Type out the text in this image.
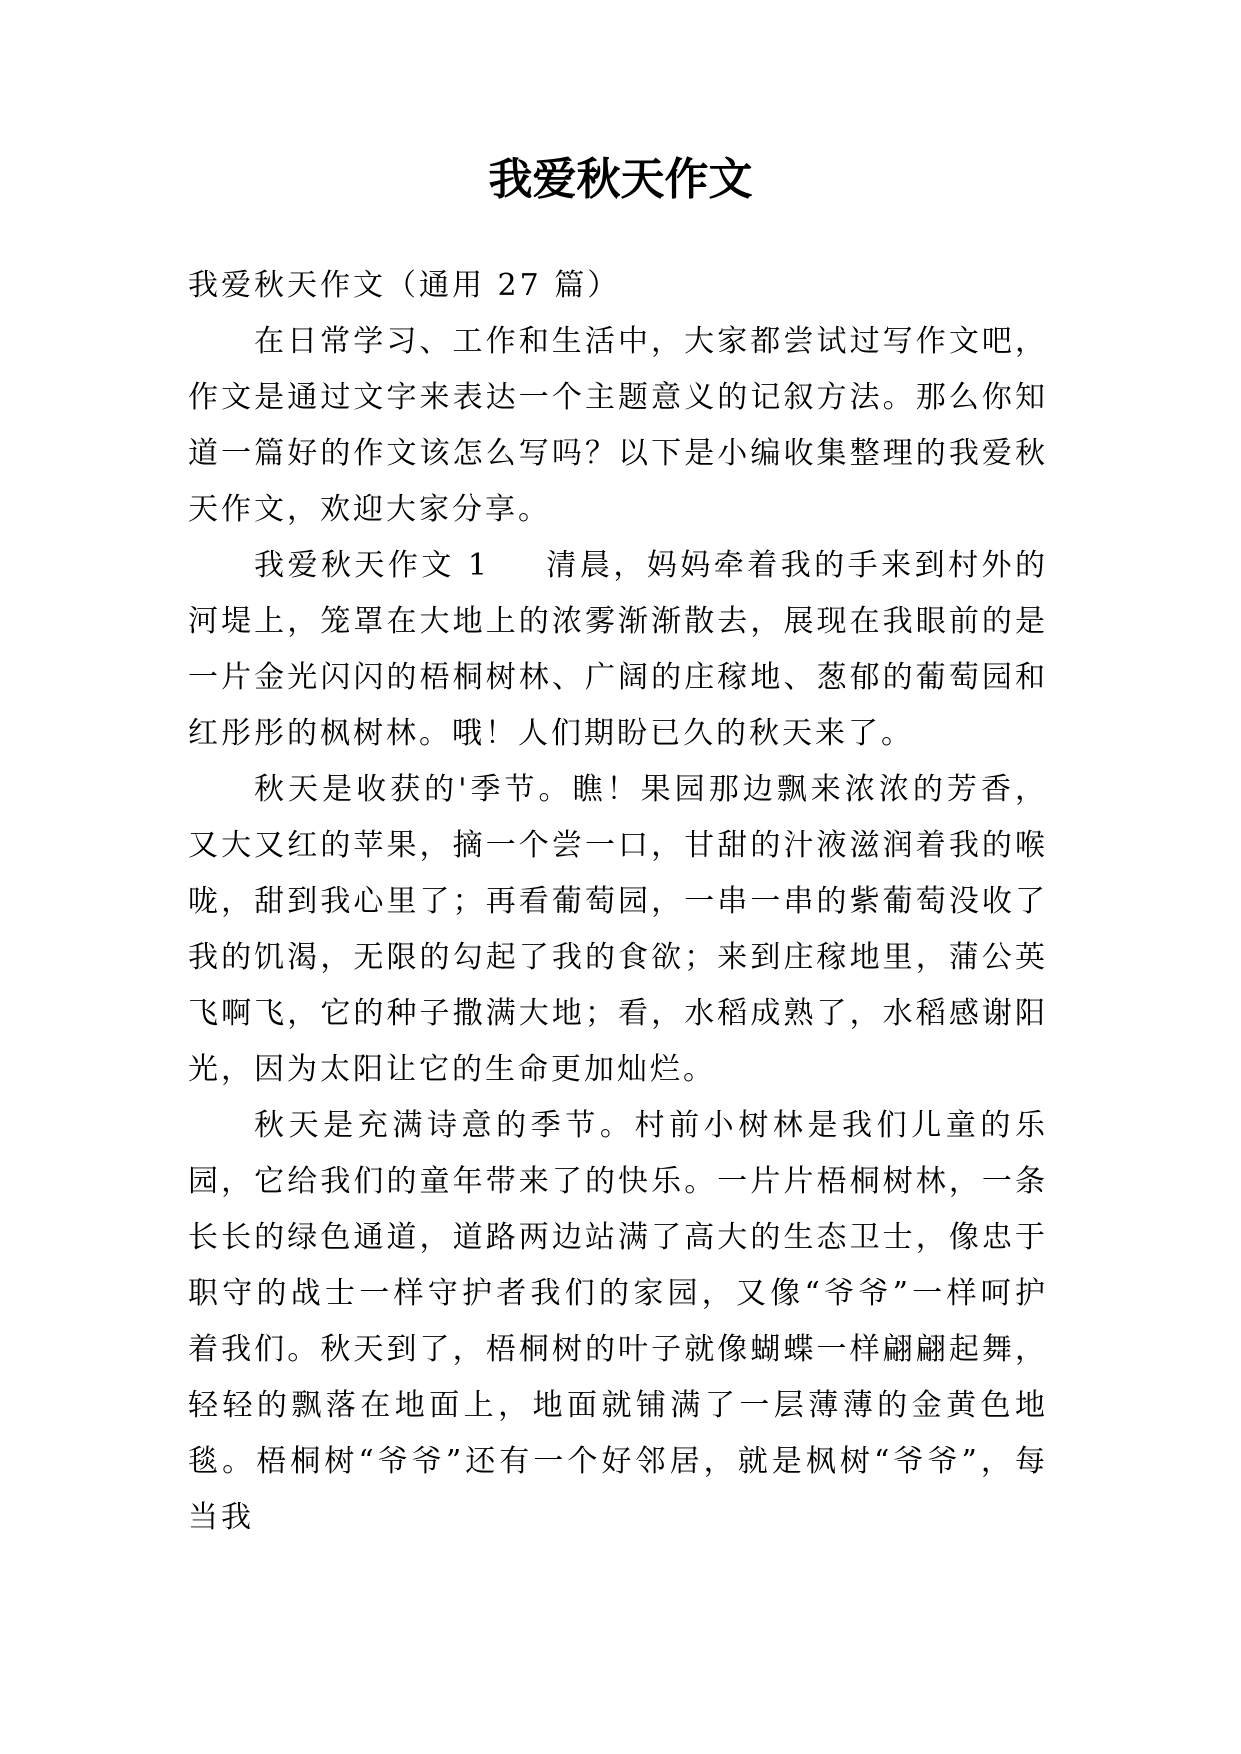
我爱秋天作文

我爱秋天作文（通用 27 篇）

在日常学习、工作和生活中，大家都尝试过写作文吧，作文是通过文字来表达一个主题意义的记叙方法。那么你知道一篇好的作文该怎么写吗？以下是小编收集整理的我爱秋天作文，欢迎大家分享。

我爱秋天作文 1 清晨，妈妈牵着我的手来到村外的河堤上，笼罩在大地上的浓雾渐渐散去，展现在我眼前的是一片金光闪闪的梧桐树林、广阔的庄稼地、葱郁的葡萄园和红彤彤的枫树林。哦！人们期盼已久的秋天来了。

秋天是收获的'季节。瞧！果园那边飘来浓浓的芳香，又大又红的苹果，摘一个尝一口，甘甜的汁液滋润着我的喉咙，甜到我心里了；再看葡萄园，一串一串的紫葡萄没收了我的饥渴，无限的勾起了我的食欲；来到庄稼地里，蒲公英飞啊飞，它的种子撒满大地；看，水稻成熟了，水稻感谢阳光，因为太阳让它的生命更加灿烂。

秋天是充满诗意的季节。村前小树林是我们儿童的乐园，它给我们的童年带来了的快乐。一片片梧桐树林，一条长长的绿色通道，道路两边站满了高大的生态卫士，像忠于职守的战士一样守护者我们的家园，又像“爷爷”一样呵护着我们。秋天到了，梧桐树的叶子就像蝴蝶一样翩翩起舞，轻轻的飘落在地面上，地面就铺满了一层薄薄的金黄色地毯。梧桐树“爷爷”还有一个好邻居，就是枫树“爷爷”，每当我
